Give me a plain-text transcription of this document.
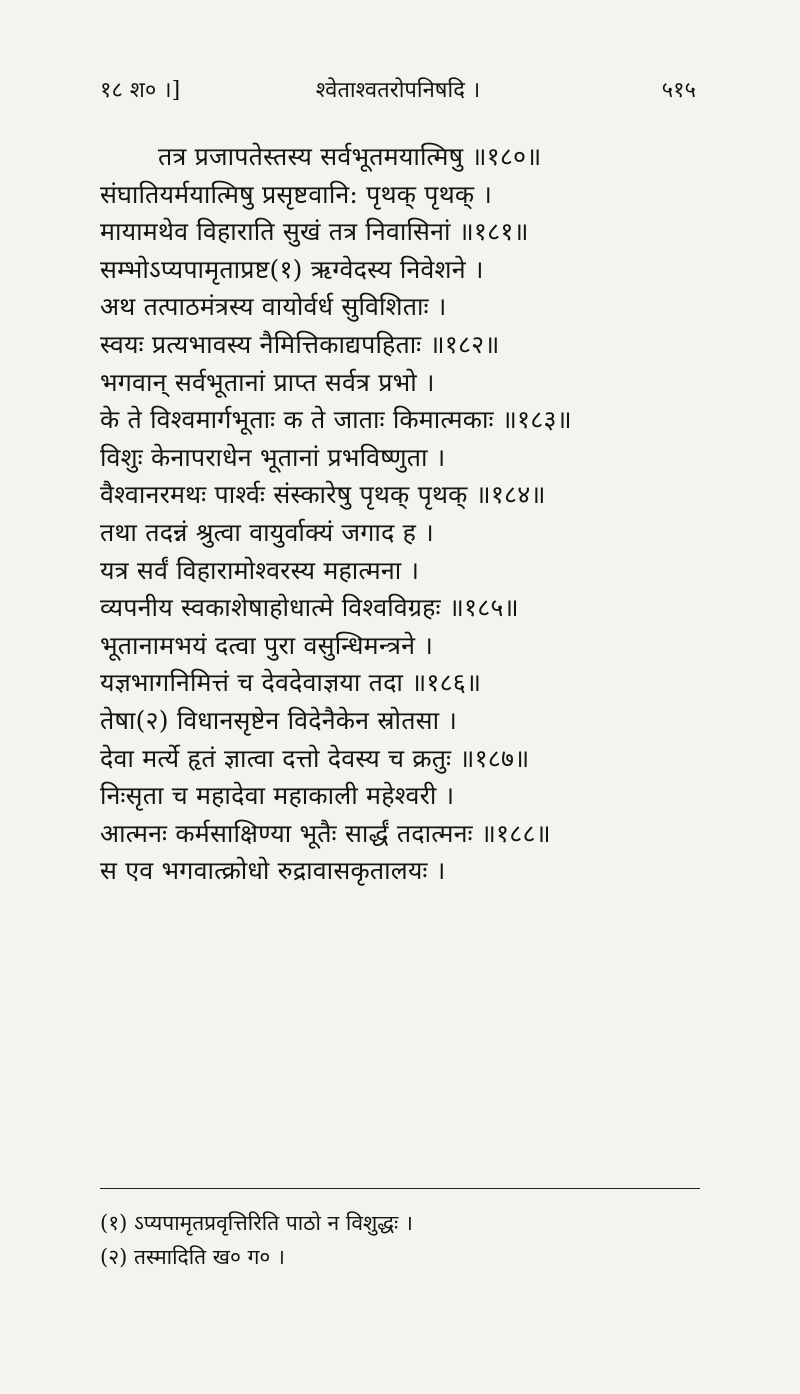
१८ श० ।]	श्वेताश्वतरोपनिषदि ।	५१५
तत्र प्रजापतेस्तस्य सर्वभूतमयात्मिषु ॥१८०॥
संघातियर्मयात्मिषु प्रसृष्टवानि: पृथक् पृथक् ।
मायामथेव विहाराति सुखं तत्र निवासिनां ॥१८१॥
सम्भोऽप्यपामृताप्रष्ट(१) ऋग्वेदस्य निवेशने ।
अथ तत्पाठमंत्रस्य वायोर्वर्ध सुविशिताः ।
स्वयः प्रत्यभावस्य नैमित्तिकाद्यपहिताः ॥१८२॥
भगवान् सर्वभूतानां प्राप्त सर्वत्र प्रभो ।
के ते विश्वमार्गभूताः क ते जाताः किमात्मकाः ॥१८३॥
विशुः केनापराधेन भूतानां प्रभविष्णुता ।
वैश्वानरमथः पार्श्वः संस्कारेषु पृथक् पृथक् ॥१८४॥
तथा तदन्नं श्रुत्वा वायुर्वाक्यं जगाद ह ।
यत्र सर्वं विहारामोश्वरस्य महात्मना ।
व्यपनीय स्वकाशेषाहोधात्मे विश्वविग्रहः ॥१८५॥
भूतानामभयं दत्वा पुरा वसुन्धिमन्त्रने ।
यज्ञभागनिमित्तं च देवदेवाज्ञया तदा ॥१८६॥
तेषा(२) विधानसृष्टेन विदेनैकेन स्रोतसा ।
देवा मर्त्ये हृतं ज्ञात्वा दत्तो देवस्य च क्रतुः ॥१८७॥
निःसृता च महादेवा महाकाली महेश्वरी ।
आत्मनः कर्मसाक्षिण्या भूतैः सार्द्धं तदात्मनः ॥१८८॥
स एव भगवात्क्रोधो रुद्रावासकृतालयः ।
(१) ऽप्यपामृतप्रवृत्तिरिति पाठो न विशुद्धः ।
(२) तस्मादिति ख० ग० ।
